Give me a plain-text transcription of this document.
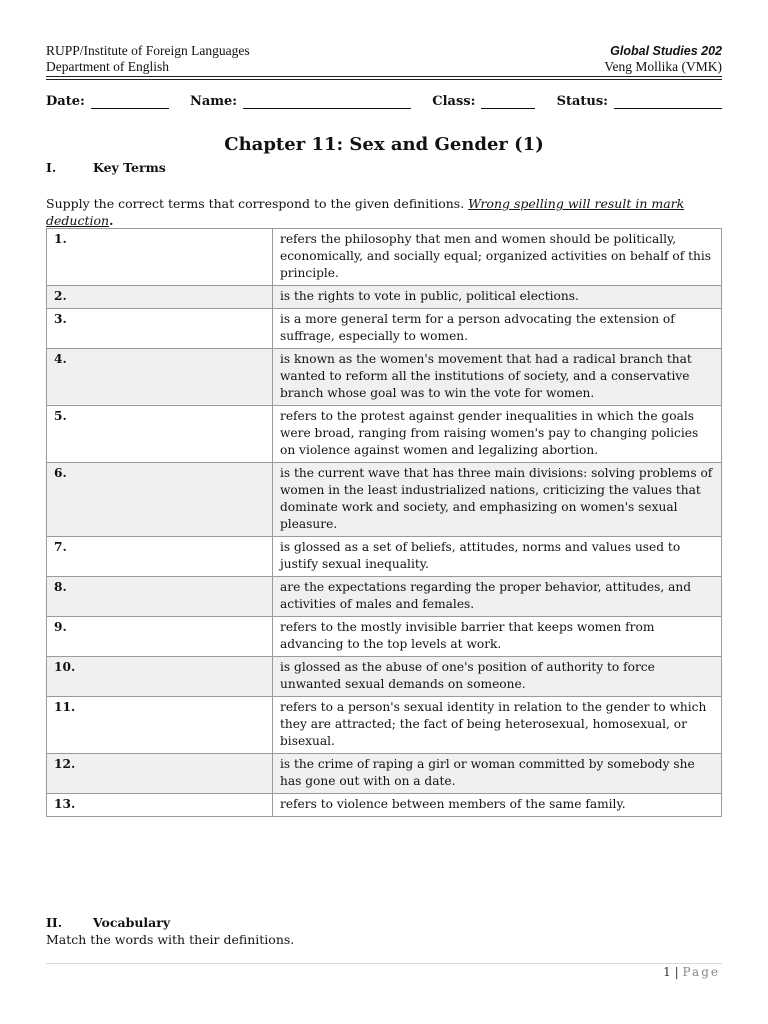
RUPP/Institute of Foreign Languages
Department of English
Global Studies 202
Veng Mollika (VMK)
Date:	Name:	Class:	Status:
Chapter 11: Sex and Gender (1)
I.	Key Terms
Supply the correct terms that correspond to the given definitions. Wrong spelling will result in mark deduction.
1.	refers the philosophy that men and women should be politically, economically, and socially equal; organized activities on behalf of this principle.
2.	is the rights to vote in public, political elections.
3.	is a more general term for a person advocating the extension of suffrage, especially to women.
4.	is known as the women's movement that had a radical branch that wanted to reform all the institutions of society, and a conservative branch whose goal was to win the vote for women.
5.	refers to the protest against gender inequalities in which the goals were broad, ranging from raising women's pay to changing policies on violence against women and legalizing abortion.
6.	is the current wave that has three main divisions: solving problems of women in the least industrialized nations, criticizing the values that dominate work and society, and emphasizing on women's sexual pleasure.
7.	is glossed as a set of beliefs, attitudes, norms and values used to justify sexual inequality.
8.	are the expectations regarding the proper behavior, attitudes, and activities of males and females.
9.	refers to the mostly invisible barrier that keeps women from advancing to the top levels at work.
10.	is glossed as the abuse of one's position of authority to force unwanted sexual demands on someone.
11.	refers to a person's sexual identity in relation to the gender to which they are attracted; the fact of being heterosexual, homosexual, or bisexual.
12.	is the crime of raping a girl or woman committed by somebody she has gone out with on a date.
13.	refers to violence between members of the same family.
II. Vocabulary
Match the words with their definitions.
1 | Page
